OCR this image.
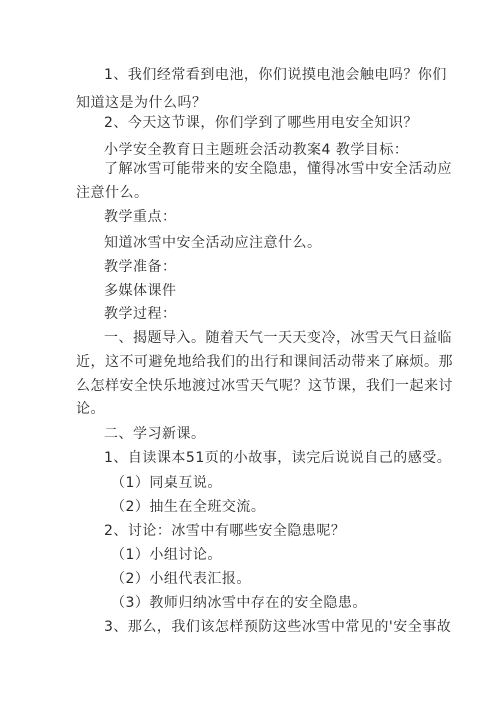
1、我们经常看到电池，你们说摸电池会触电吗？你们
知道这是为什么吗？
2、今天这节课，你们学到了哪些用电安全知识？
小学安全教育日主题班会活动教案4 教学目标：
了解冰雪可能带来的安全隐患，懂得冰雪中安全活动应
注意什么。
教学重点：
知道冰雪中安全活动应注意什么。
教学准备：
多媒体课件
教学过程：
一、揭题导入。随着天气一天天变冷，冰雪天气日益临
近，这不可避免地给我们的出行和课间活动带来了麻烦。那
么怎样安全快乐地渡过冰雪天气呢？这节课，我们一起来讨
论。
二、学习新课。
1、自读课本51页的小故事，读完后说说自己的感受。
（1）同桌互说。
（2）抽生在全班交流。
2、讨论：冰雪中有哪些安全隐患呢？
（1）小组讨论。
（2）小组代表汇报。
（3）教师归纳冰雪中存在的安全隐患。
3、那么，我们该怎样预防这些冰雪中常见的'安全事故
